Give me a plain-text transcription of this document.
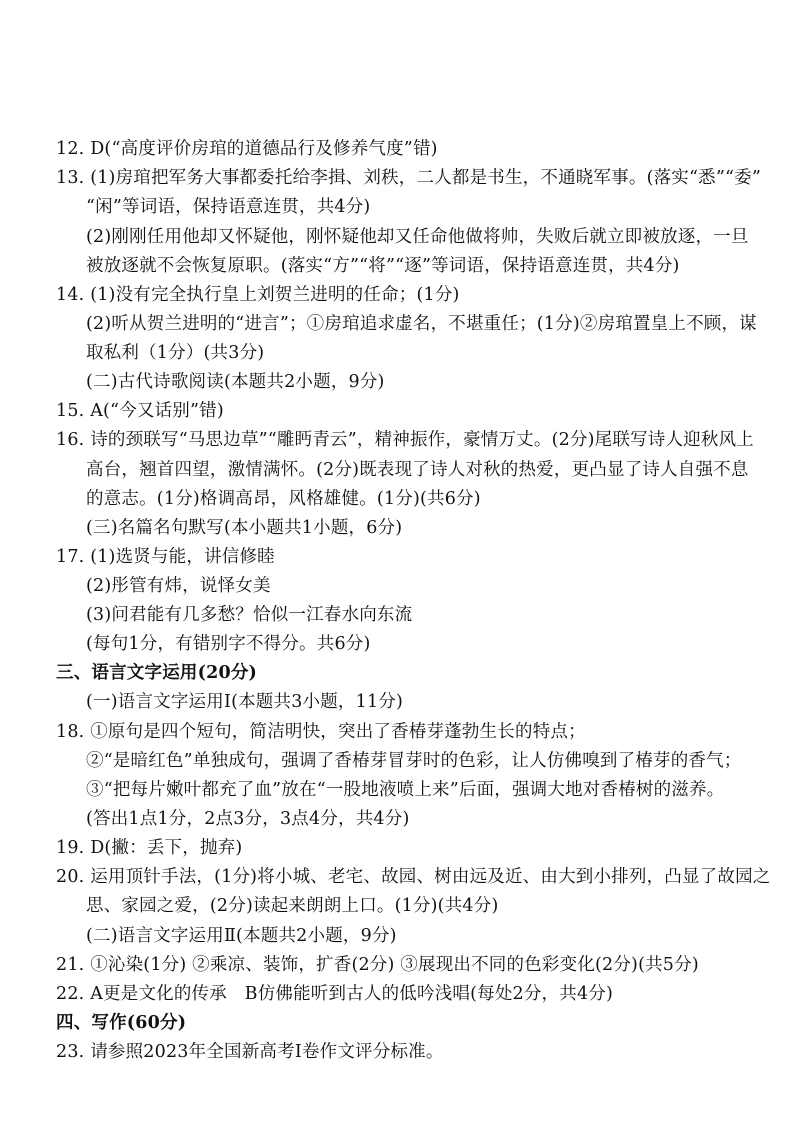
12. D(“高度评价房琯的道德品行及修养气度”错)
13. (1)房琯把军务大事都委托给李揖、刘秩，二人都是书生，不通晓军事。(落实“悉”“委”
“闲”等词语，保持语意连贯，共4分)
(2)刚刚任用他却又怀疑他，刚怀疑他却又任命他做将帅，失败后就立即被放逐，一旦
被放逐就不会恢复原职。(落实“方”“将”“逐”等词语，保持语意连贯，共4分)
14. (1)没有完全执行皇上刘贺兰进明的任命；(1分)
(2)听从贺兰进明的“进言”；①房琯追求虚名，不堪重任；(1分)②房琯置皇上不顾，谋
取私利（1分）(共3分)
(二)古代诗歌阅读(本题共2小题，9分)
15. A(“今又话别”错)
16. 诗的颈联写“马思边草”“雕眄青云”，精神振作，豪情万丈。(2分)尾联写诗人迎秋风上
高台，翘首四望，激情满怀。(2分)既表现了诗人对秋的热爱，更凸显了诗人自强不息
的意志。(1分)格调高昂，风格雄健。(1分)(共6分)
(三)名篇名句默写(本小题共1小题，6分)
17. (1)选贤与能，讲信修睦
(2)彤管有炜，说怿女美
(3)问君能有几多愁？恰似一江春水向东流
(每句1分，有错别字不得分。共6分)
三、语言文字运用(20分)
(一)语言文字运用Ⅰ(本题共3小题，11分)
18. ①原句是四个短句，简洁明快，突出了香椿芽蓬勃生长的特点；
②“是暗红色”单独成句，强调了香椿芽冒芽时的色彩，让人仿佛嗅到了椿芽的香气；
③“把每片嫩叶都充了血”放在“一股地液喷上来”后面，强调大地对香椿树的滋养。
(答出1点1分，2点3分，3点4分，共4分)
19. D(撇：丢下，抛弃)
20. 运用顶针手法，(1分)将小城、老宅、故园、树由远及近、由大到小排列，凸显了故园之
思、家园之爱，(2分)读起来朗朗上口。(1分)(共4分)
(二)语言文字运用Ⅱ(本题共2小题，9分)
21. ①沁染(1分) ②乘凉、装饰，扩香(2分) ③展现出不同的色彩变化(2分)(共5分)
22. A更是文化的传承　B仿佛能听到古人的低吟浅唱(每处2分，共4分)
四、写作(60分)
23. 请参照2023年全国新高考Ⅰ卷作文评分标准。
